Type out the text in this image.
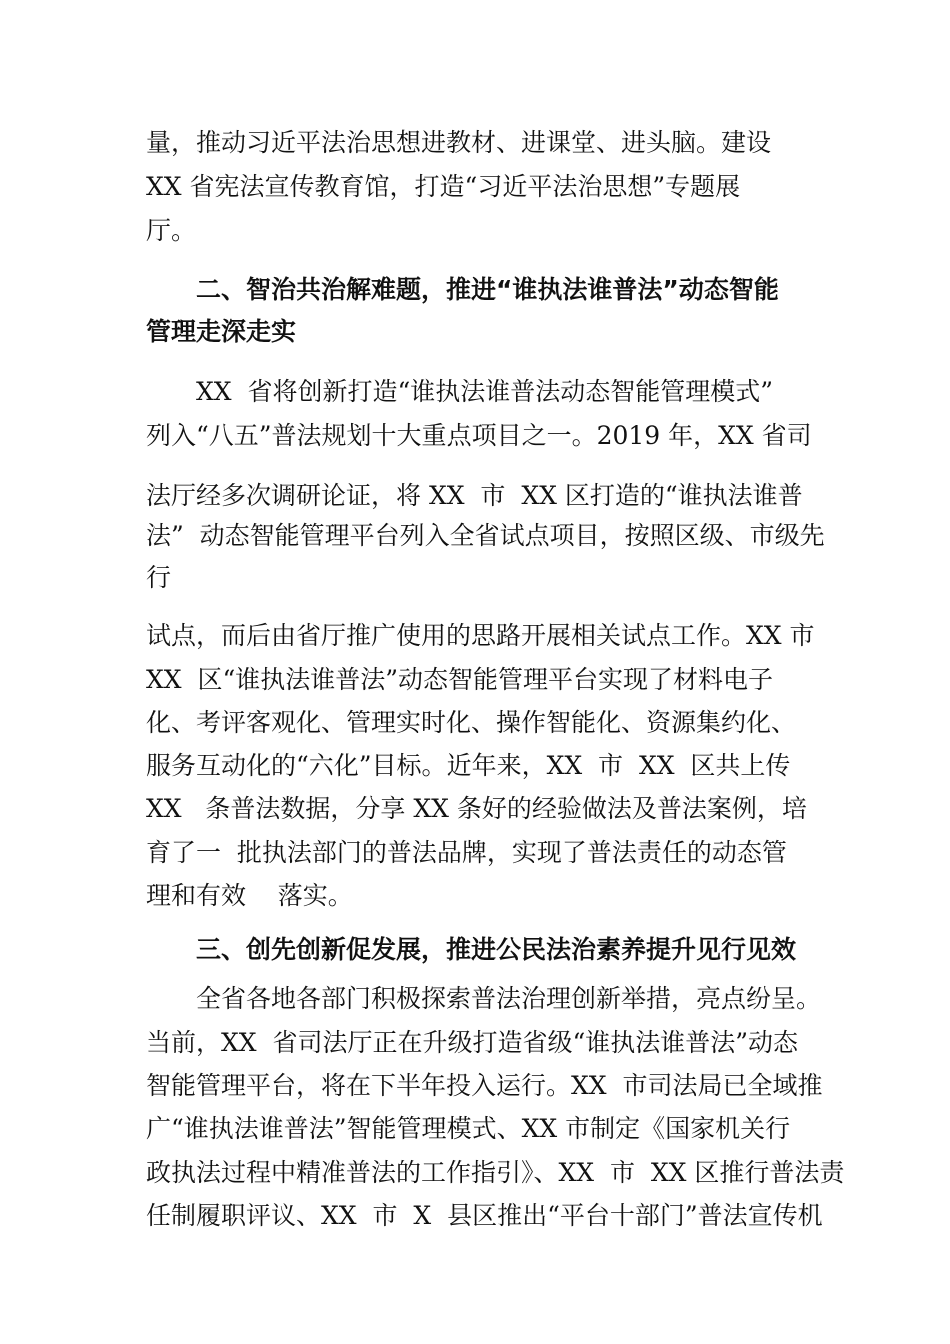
量，推动习近平法治思想进教材、进课堂、进头脑。建设
XX 省宪法宣传教育馆，打造“习近平法治思想”专题展
厅。
二、智治共治解难题，推进“谁执法谁普法”动态智能
管理走深走实
XX  省将创新打造“谁执法谁普法动态智能管理模式”
列入“八五”普法规划十大重点项目之一。2019 年，XX 省司
法厅经多次调研论证，将 XX  市  XX 区打造的“谁执法谁普
法”  动态智能管理平台列入全省试点项目，按照区级、市级先
行
试点，而后由省厅推广使用的思路开展相关试点工作。XX 市
XX  区“谁执法谁普法”动态智能管理平台实现了材料电子
化、考评客观化、管理实时化、操作智能化、资源集约化、
服务互动化的“六化”目标。近年来，XX  市  XX  区共上传
XX   条普法数据，分享 XX 条好的经验做法及普法案例，培
育了一  批执法部门的普法品牌，实现了普法责任的动态管
理和有效    落实。
三、创先创新促发展，推进公民法治素养提升见行见效
全省各地各部门积极探索普法治理创新举措，亮点纷呈。
当前，XX  省司法厅正在升级打造省级“谁执法谁普法”动态
智能管理平台，将在下半年投入运行。XX  市司法局已全域推
广“谁执法谁普法”智能管理模式、XX 市制定《国家机关行
政执法过程中精准普法的工作指引》、XX  市  XX 区推行普法责
任制履职评议、XX  市  X  县区推出“平台十部门”普法宣传机
